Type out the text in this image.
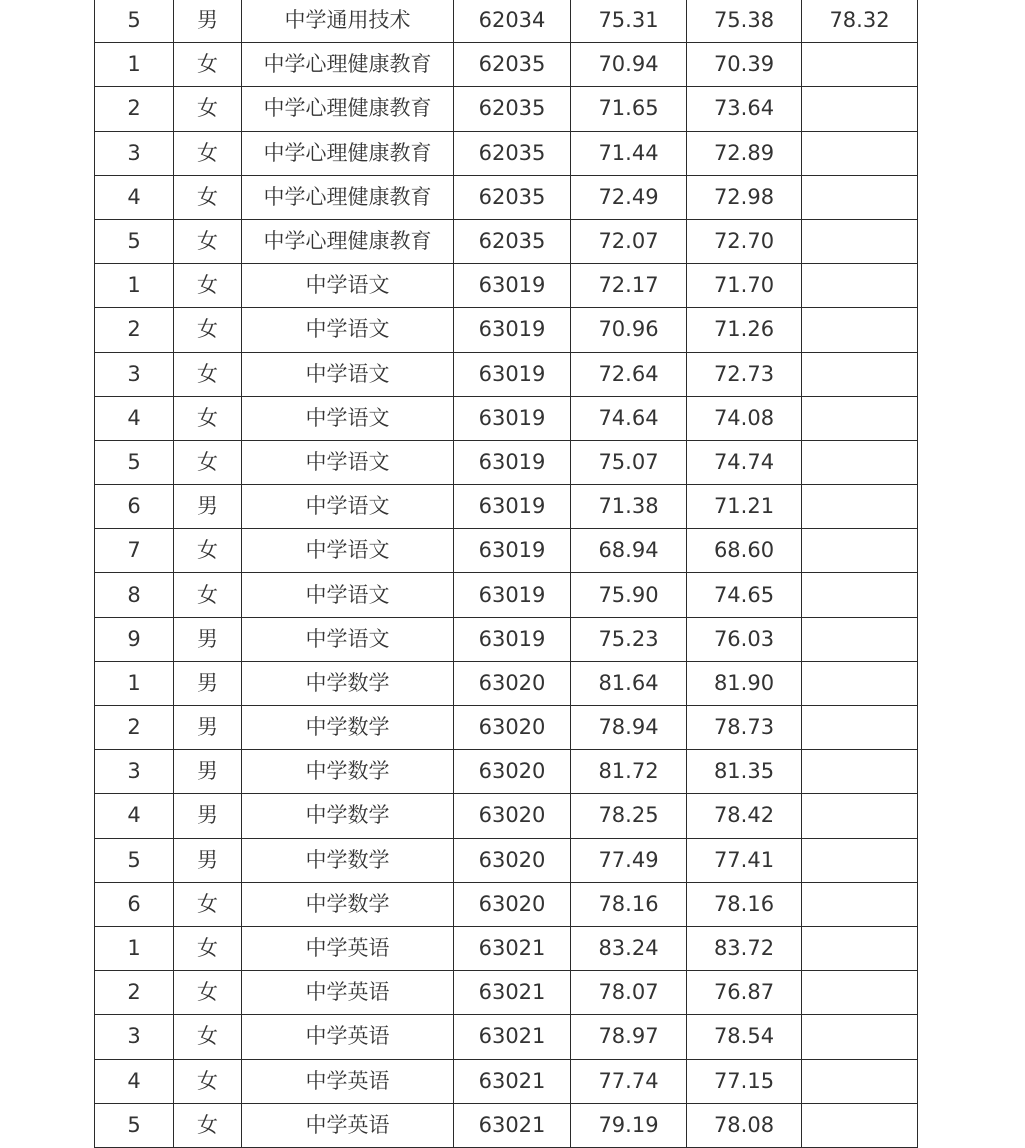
5	男	中学通用技术	62034	75.31	75.38	78.32
1	女	中学心理健康教育	62035	70.94	70.39	
2	女	中学心理健康教育	62035	71.65	73.64	
3	女	中学心理健康教育	62035	71.44	72.89	
4	女	中学心理健康教育	62035	72.49	72.98	
5	女	中学心理健康教育	62035	72.07	72.70	
1	女	中学语文	63019	72.17	71.70	
2	女	中学语文	63019	70.96	71.26	
3	女	中学语文	63019	72.64	72.73	
4	女	中学语文	63019	74.64	74.08	
5	女	中学语文	63019	75.07	74.74	
6	男	中学语文	63019	71.38	71.21	
7	女	中学语文	63019	68.94	68.60	
8	女	中学语文	63019	75.90	74.65	
9	男	中学语文	63019	75.23	76.03	
1	男	中学数学	63020	81.64	81.90	
2	男	中学数学	63020	78.94	78.73	
3	男	中学数学	63020	81.72	81.35	
4	男	中学数学	63020	78.25	78.42	
5	男	中学数学	63020	77.49	77.41	
6	女	中学数学	63020	78.16	78.16	
1	女	中学英语	63021	83.24	83.72	
2	女	中学英语	63021	78.07	76.87	
3	女	中学英语	63021	78.97	78.54	
4	女	中学英语	63021	77.74	77.15	
5	女	中学英语	63021	79.19	78.08	
